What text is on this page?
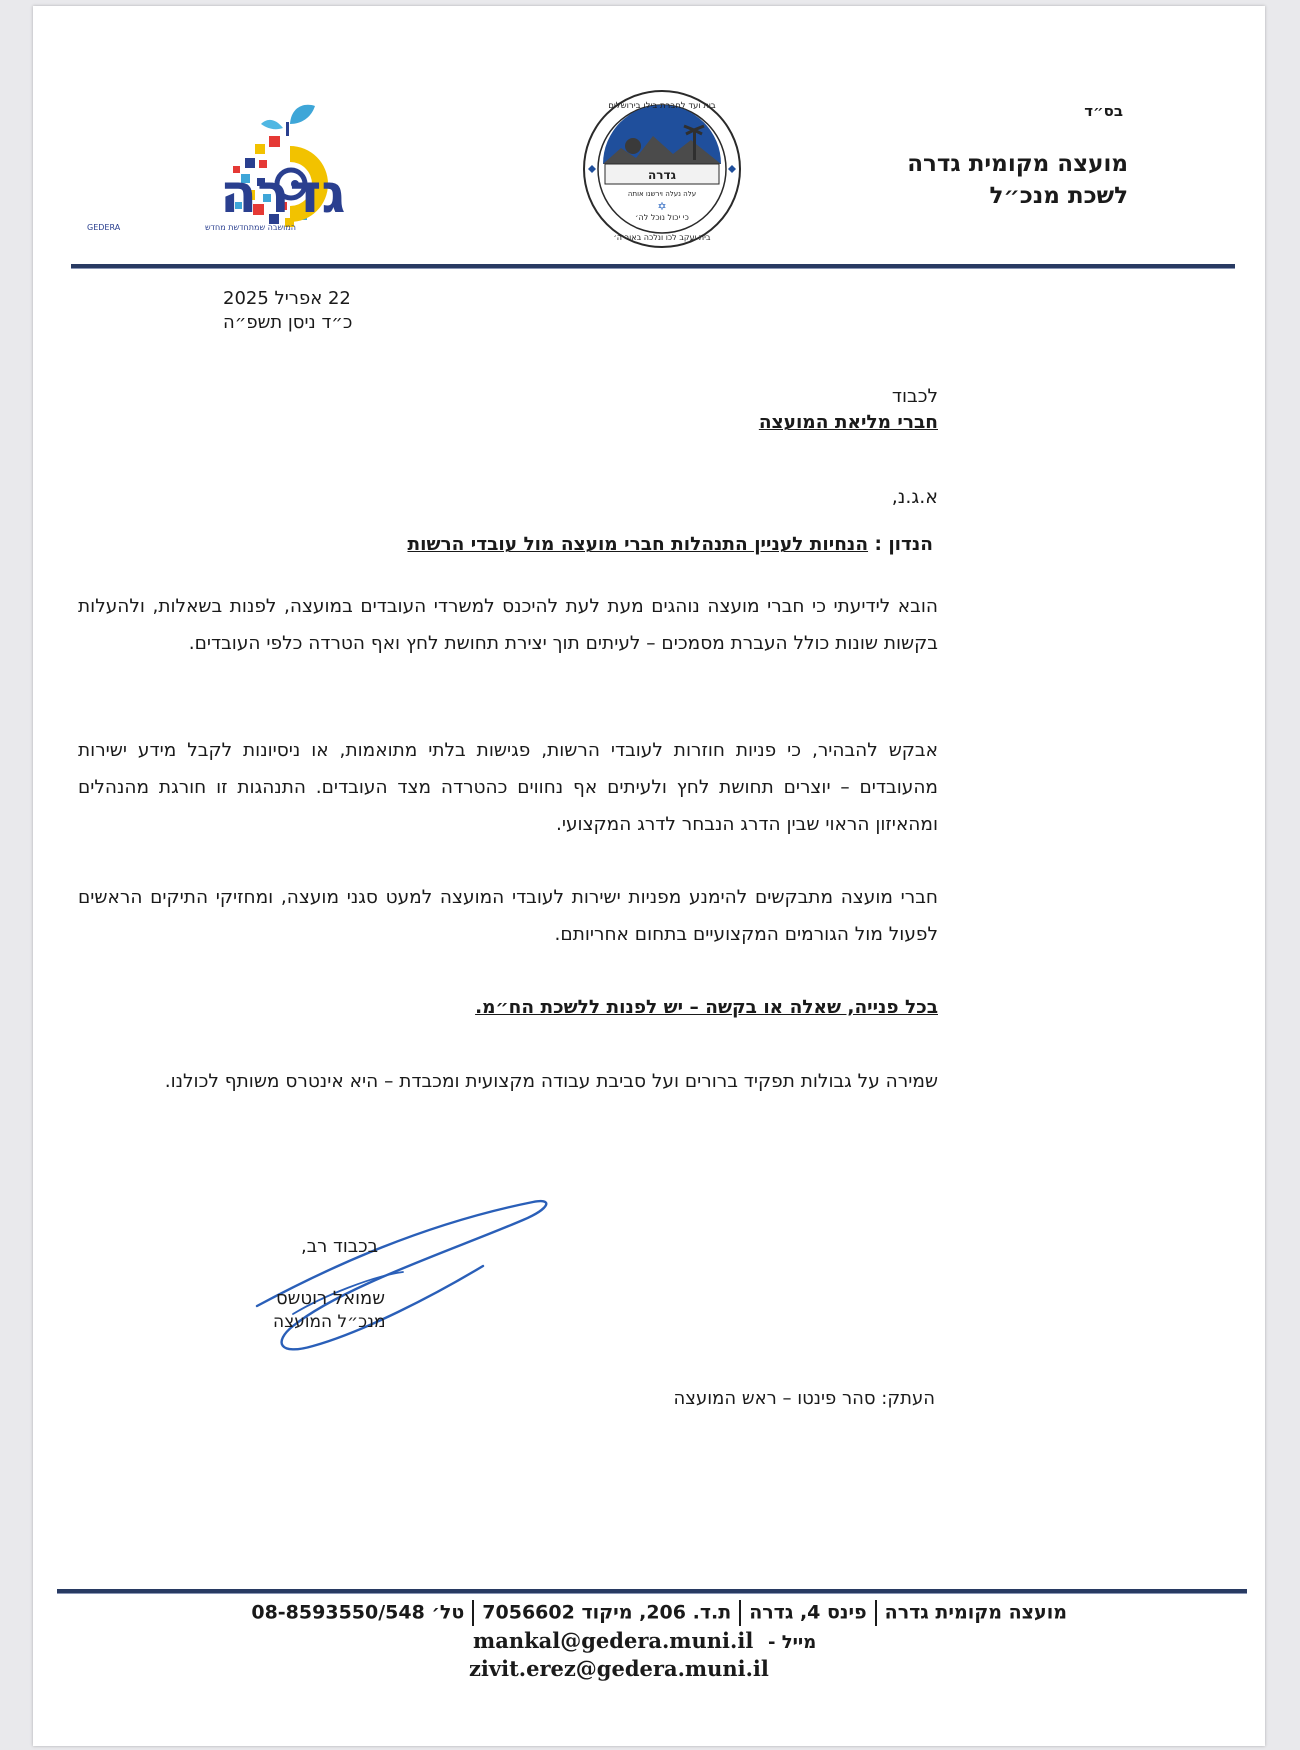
בס״ד
מועצה מקומית גדרה
לשכת מנכ״ל
גדרה
עלה נעלה וירשנו אותה
כי יכול נוכל לה׳
✡
בית ועד לחברת בילו בירושלים
בית יעקב לכו ונלכה באור ה׳
גדרה
GEDERA	המושבה שמתחדשת מחדש
22 אפריל 2025
כ״ד ניסן תשפ״ה
לכבוד
חברי מליאת המועצה
א.ג.נ,
הנדון : הנחיות לעניין התנהלות חברי מועצה מול עובדי הרשות
הובא לידיעתי כי חברי מועצה נוהגים מעת לעת להיכנס למשרדי העובדים במועצה, לפנות בשאלות, ולהעלות בקשות שונות כולל העברת מסמכים – לעיתים תוך יצירת תחושת לחץ ואף הטרדה כלפי העובדים.
אבקש להבהיר, כי פניות חוזרות לעובדי הרשות, פגישות בלתי מתואמות, או ניסיונות לקבל מידע ישירות מהעובדים – יוצרים תחושת לחץ ולעיתים אף נחווים כהטרדה מצד העובדים. התנהגות זו חורגת מהנהלים ומהאיזון הראוי שבין הדרג הנבחר לדרג המקצועי.
חברי מועצה מתבקשים להימנע מפניות ישירות לעובדי המועצה למעט סגני מועצה, ומחזיקי התיקים הראשים לפעול מול הגורמים המקצועיים בתחום אחריותם.
בכל פנייה, שאלה או בקשה – יש לפנות ללשכת הח״מ.
שמירה על גבולות תפקיד ברורים ועל סביבת עבודה מקצועית ומכבדת – היא אינטרס משותף לכולנו.
בכבוד רב,
שמואל רוטשס
מנכ״ל המועצה
העתק: סהר פינטו – ראש המועצה
מועצה מקומית גדרהפינס 4, גדרהת.ד. 206, מיקוד 7056602טל׳ 08-8593550/548
מייל -
mankal@gedera.muni.il
zivit.erez@gedera.muni.il
